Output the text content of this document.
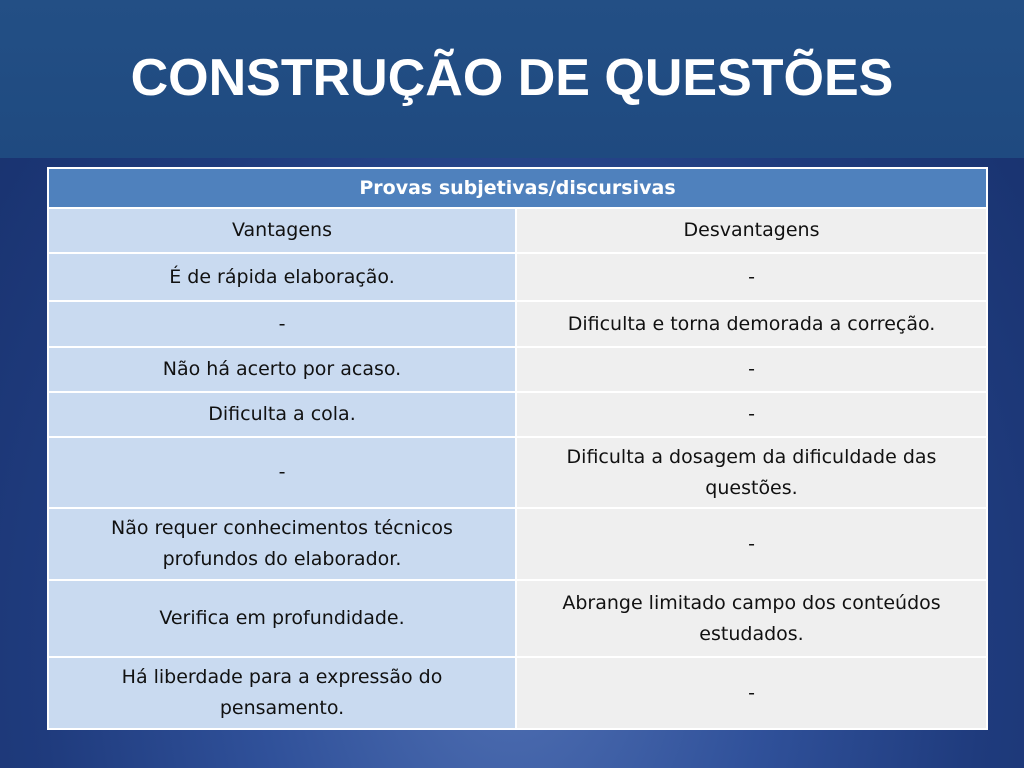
CONSTRUÇÃO DE QUESTÕES
Provas subjetivas/discursivas	
Vantagens	Desvantagens
É de rápida elaboração.	-
-	Dificulta e torna demorada a correção.
Não há acerto por acaso.	-
Dificulta a cola.	-
-	Dificulta a dosagem da dificuldade das questões.
Não requer conhecimentos técnicos profundos do elaborador.	-
Verifica em profundidade.	Abrange limitado campo dos conteúdos estudados.
Há liberdade para a expressão do pensamento.	-
